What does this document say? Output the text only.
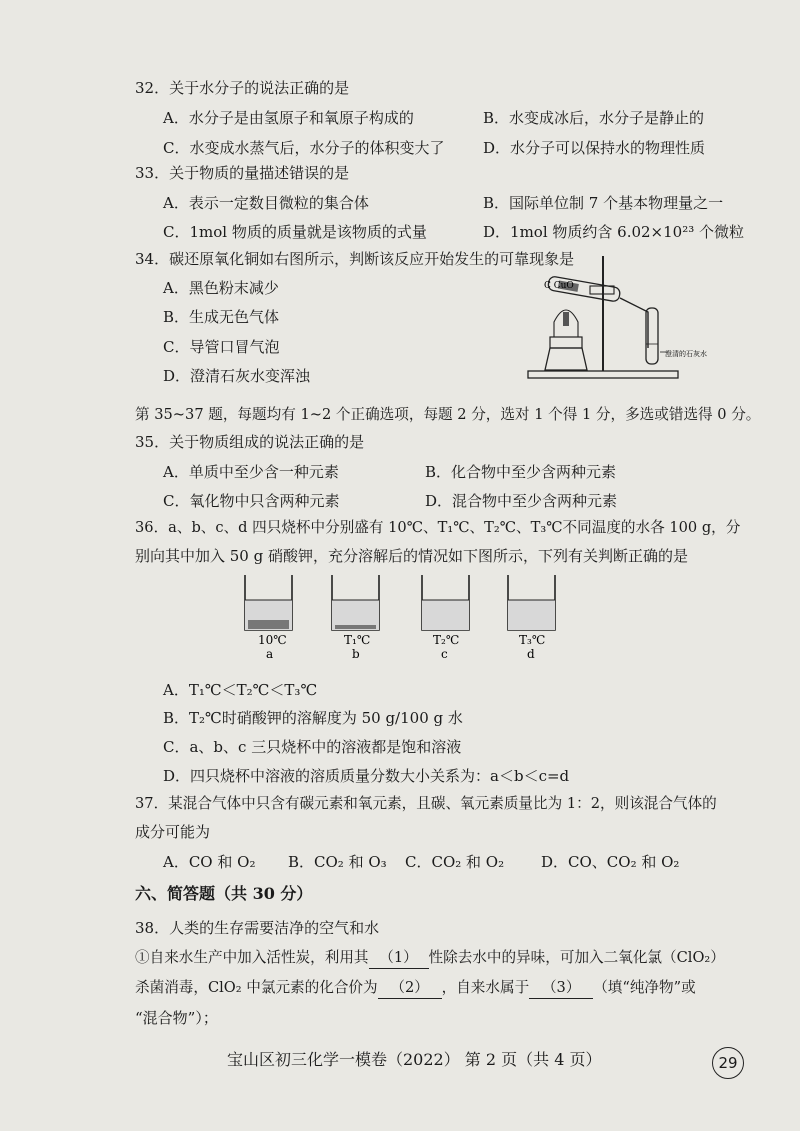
32．关于水分子的说法正确的是
A．水分子是由氢原子和氧原子构成的	B．水变成冰后，水分子是静止的
C．水变成水蒸气后，水分子的体积变大了	D．水分子可以保持水的物理性质
33．关于物质的量描述错误的是
A．表示一定数目微粒的集合体	B．国际单位制 7 个基本物理量之一
C．1mol 物质的质量就是该物质的式量	D．1mol 物质约含 6.02×10²³ 个微粒
34．碳还原氧化铜如右图所示，判断该反应开始发生的可靠现象是
A．黑色粉末减少
B．生成无色气体
C．导管口冒气泡
D．澄清石灰水变浑浊
C CuO
澄清的石灰水
第 35~37 题，每题均有 1~2 个正确选项，每题 2 分，选对 1 个得 1 分，多选或错选得 0 分。
35．关于物质组成的说法正确的是
A．单质中至少含一种元素	B．化合物中至少含两种元素
C．氧化物中只含两种元素	D．混合物中至少含两种元素
36．a、b、c、d 四只烧杯中分别盛有 10℃、T₁℃、T₂℃、T₃℃不同温度的水各 100 g，分
别向其中加入 50 g 硝酸钾，充分溶解后的情况如下图所示，下列有关判断正确的是
10℃
a
T₁℃
b
T₂℃
c
T₃℃
d
A．T₁℃＜T₂℃＜T₃℃
B．T₂℃时硝酸钾的溶解度为 50 g/100 g 水
C．a、b、c 三只烧杯中的溶液都是饱和溶液
D．四只烧杯中溶液的溶质质量分数大小关系为：a＜b＜c=d
37．某混合气体中只含有碳元素和氧元素，且碳、氧元素质量比为 1：2，则该混合气体的
成分可能为
A．CO 和 O₂ B．CO₂ 和 O₃ C．CO₂ 和 O₂ D．CO、CO₂ 和 O₂
六、简答题（共 30 分）
38．人类的生存需要洁净的空气和水
①自来水生产中加入活性炭，利用其 （1） 性除去水中的异味，可加入二氧化氯（ClO₂）
杀菌消毒，ClO₂ 中氯元素的化合价为 （2） ，自来水属于 （3） （填“纯净物”或
“混合物”）；
宝山区初三化学一模卷（2022） 第 2 页（共 4 页）	29
